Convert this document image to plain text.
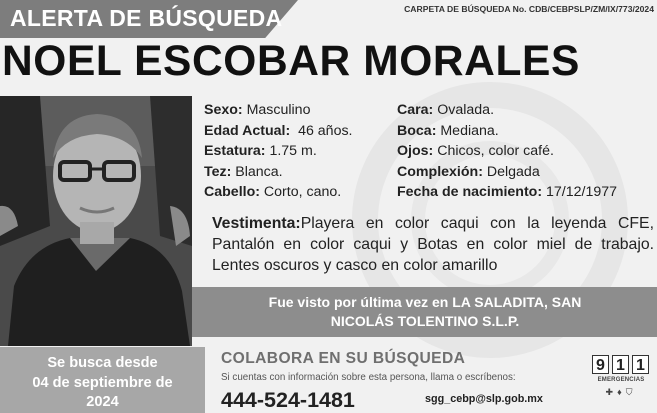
ALERTA DE BÚSQUEDA	CARPETA DE BÚSQUEDA No. CDB/CEBPSLP/ZM/IX/773/2024
NOEL ESCOBAR MORALES
Sexo: Masculino
Edad Actual:  46 años.
Estatura: 1.75 m.
Tez: Blanca.
Cabello: Corto, cano.
Cara: Ovalada.
Boca: Mediana.
Ojos: Chicos, color café.
Complexión: Delgada
Fecha de nacimiento: 17/12/1977
Vestimenta:Playera en color caqui con la leyenda CFE, Pantalón en color caqui y Botas en color miel de trabajo. Lentes oscuros y casco en color amarillo
Fue visto por última vez en LA SALADITA, SAN
NICOLÁS TOLENTINO S.L.P.
Se busca desde
04 de septiembre de
2024
COLABORA EN SU BÚSQUEDA
Si cuentas con información sobre esta persona, llama o escríbenos:
444-524-1481	sgg_cebp@slp.gob.mx
9 1 1
EMERGENCIAS
✚♦⛉
